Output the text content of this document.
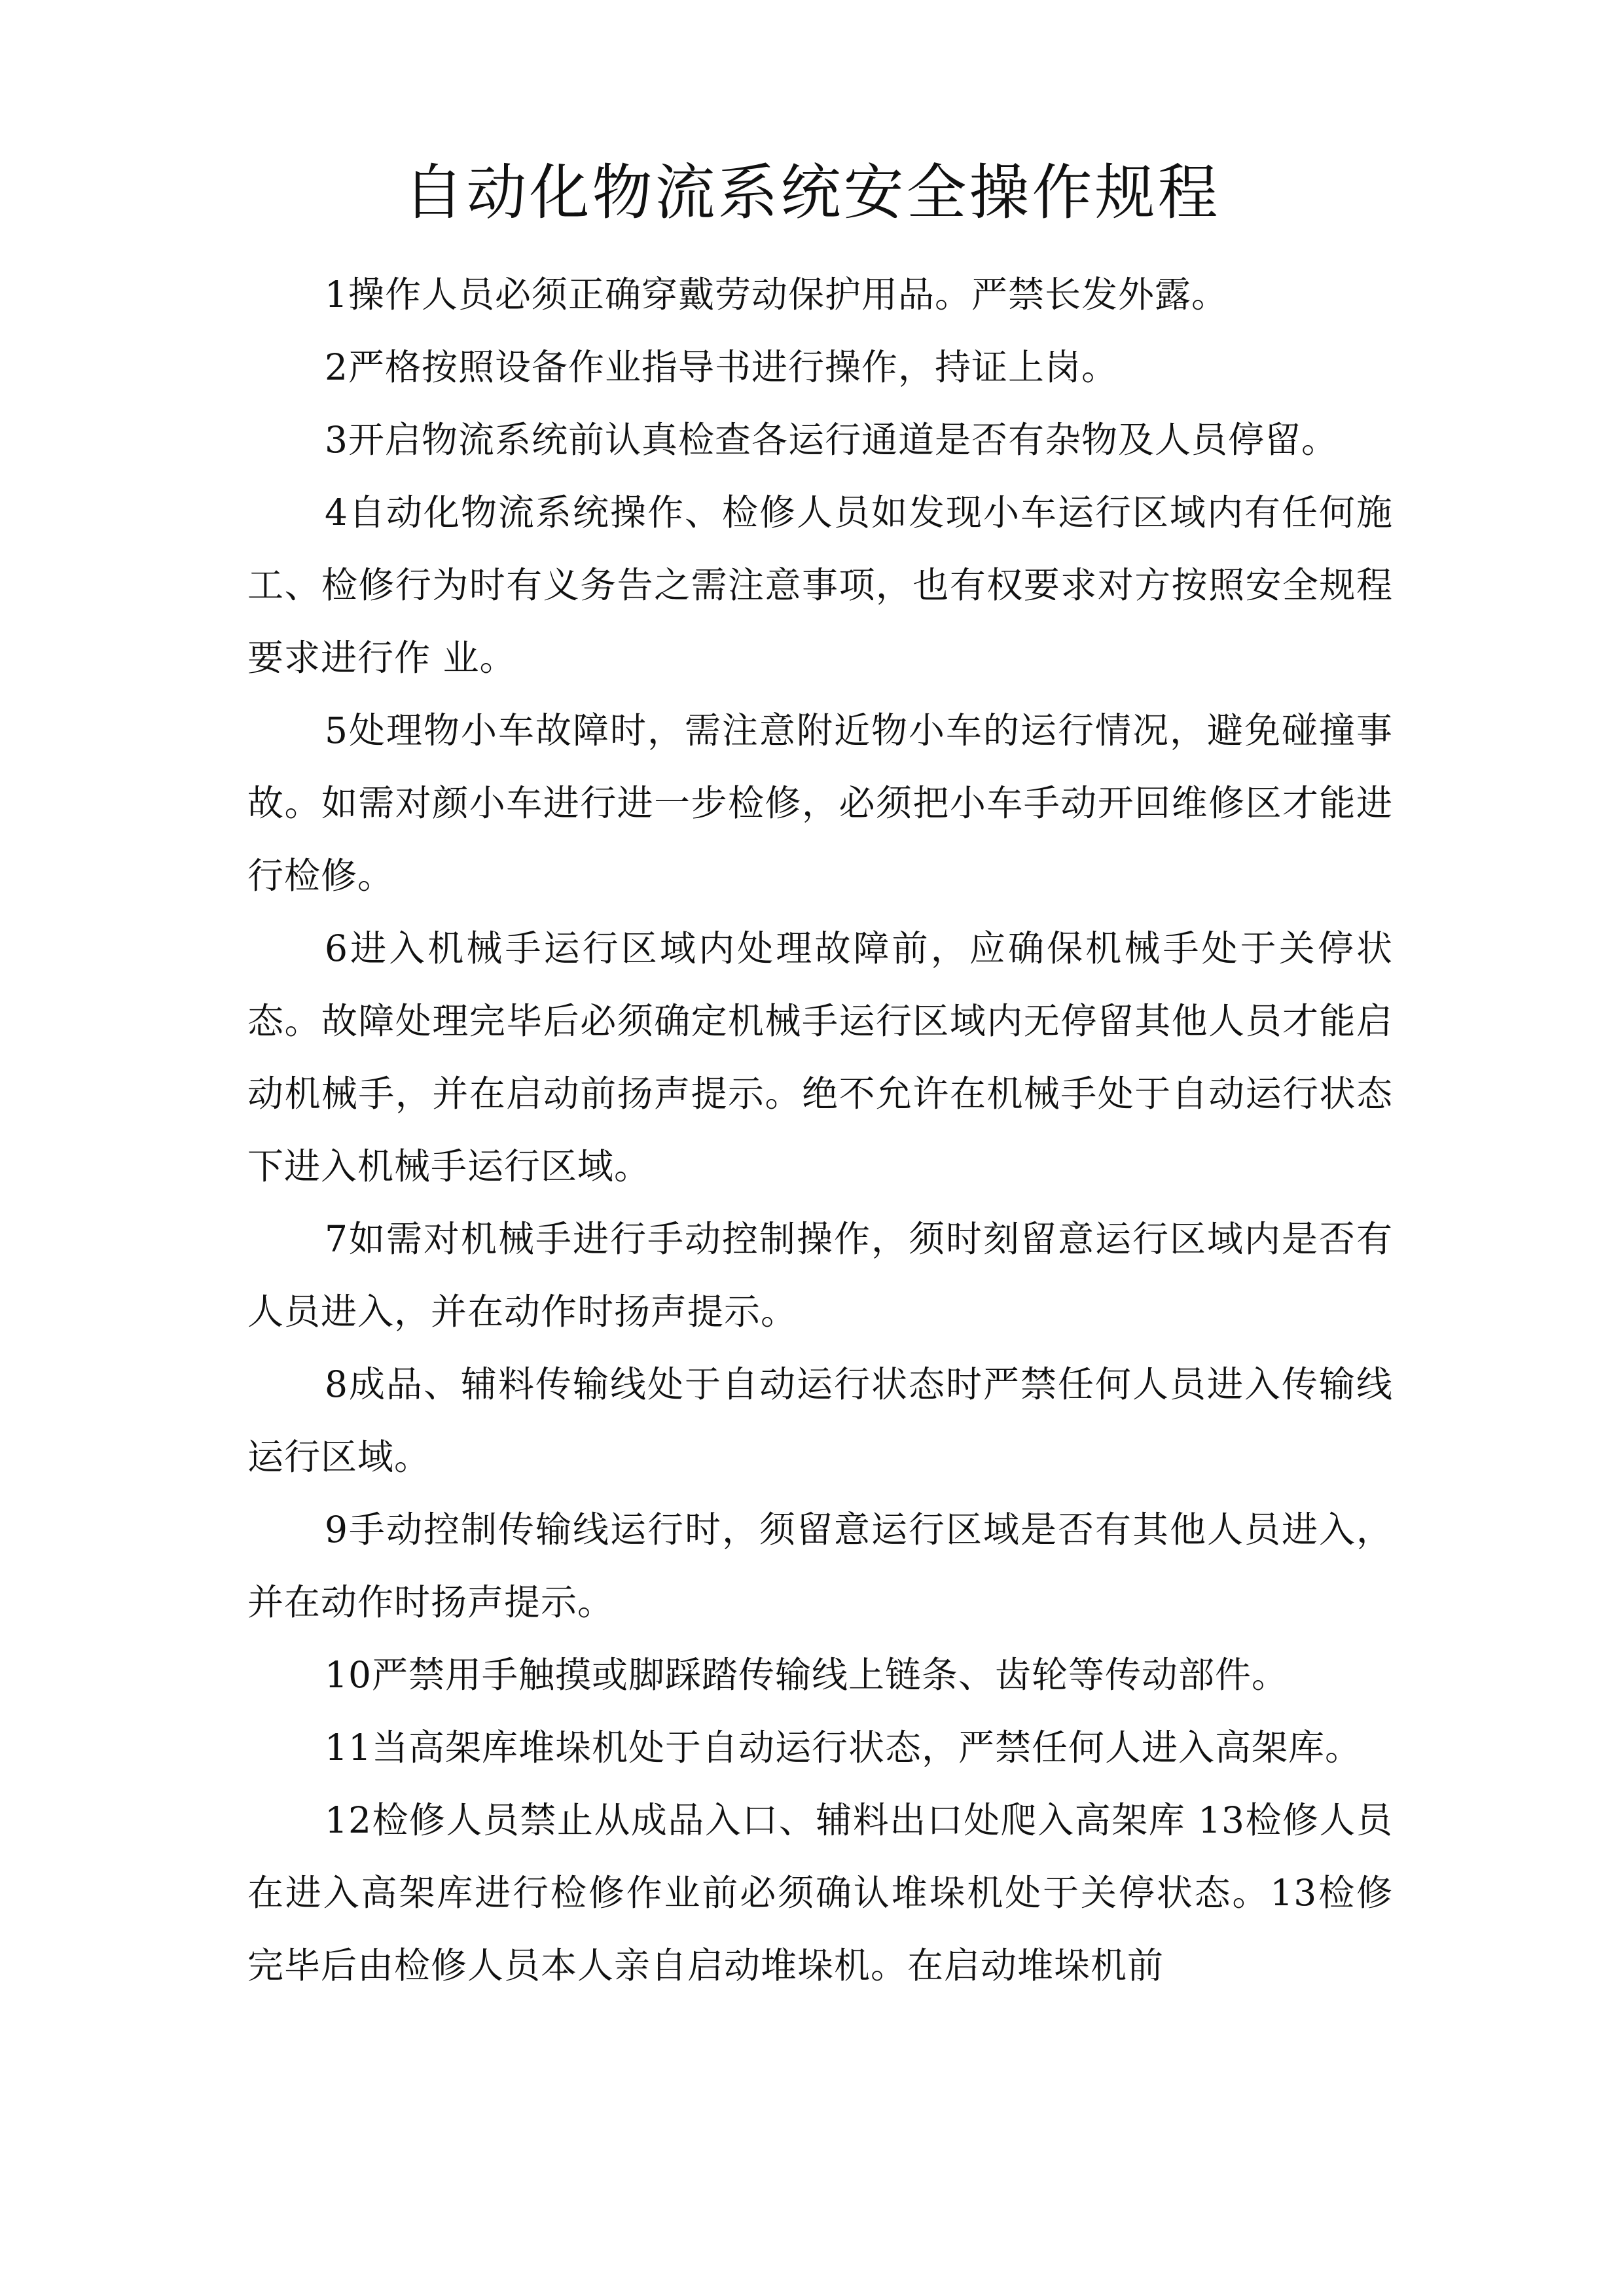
自动化物流系统安全操作规程

1操作人员必须正确穿戴劳动保护用品。严禁长发外露。

2严格按照设备作业指导书进行操作，持证上岗。

3开启物流系统前认真检查各运行通道是否有杂物及人员停留。

4自动化物流系统操作、检修人员如发现小车运行区域内有任何施工、检修行为时有义务告之需注意事项，也有权要求对方按照安全规程要求进行作 业。

5处理物小车故障时，需注意附近物小车的运行情况，避免碰撞事故。如需对颜小车进行进一步检修，必须把小车手动开回维修区才能进行检修。

6进入机械手运行区域内处理故障前，应确保机械手处于关停状态。故障处理完毕后必须确定机械手运行区域内无停留其他人员才能启动机械手，并在启动前扬声提示。绝不允许在机械手处于自动运行状态下进入机械手运行区域。

7如需对机械手进行手动控制操作，须时刻留意运行区域内是否有人员进入，并在动作时扬声提示。

8成品、辅料传输线处于自动运行状态时严禁任何人员进入传输线运行区域。

9手动控制传输线运行时，须留意运行区域是否有其他人员进入，并在动作时扬声提示。

10严禁用手触摸或脚踩踏传输线上链条、齿轮等传动部件。

11当高架库堆垛机处于自动运行状态，严禁任何人进入高架库。

12检修人员禁止从成品入口、辅料出口处爬入高架库 13检修人员在进入高架库进行检修作业前必须确认堆垛机处于关停状态。13检修完毕后由检修人员本人亲自启动堆垛机。在启动堆垛机前
